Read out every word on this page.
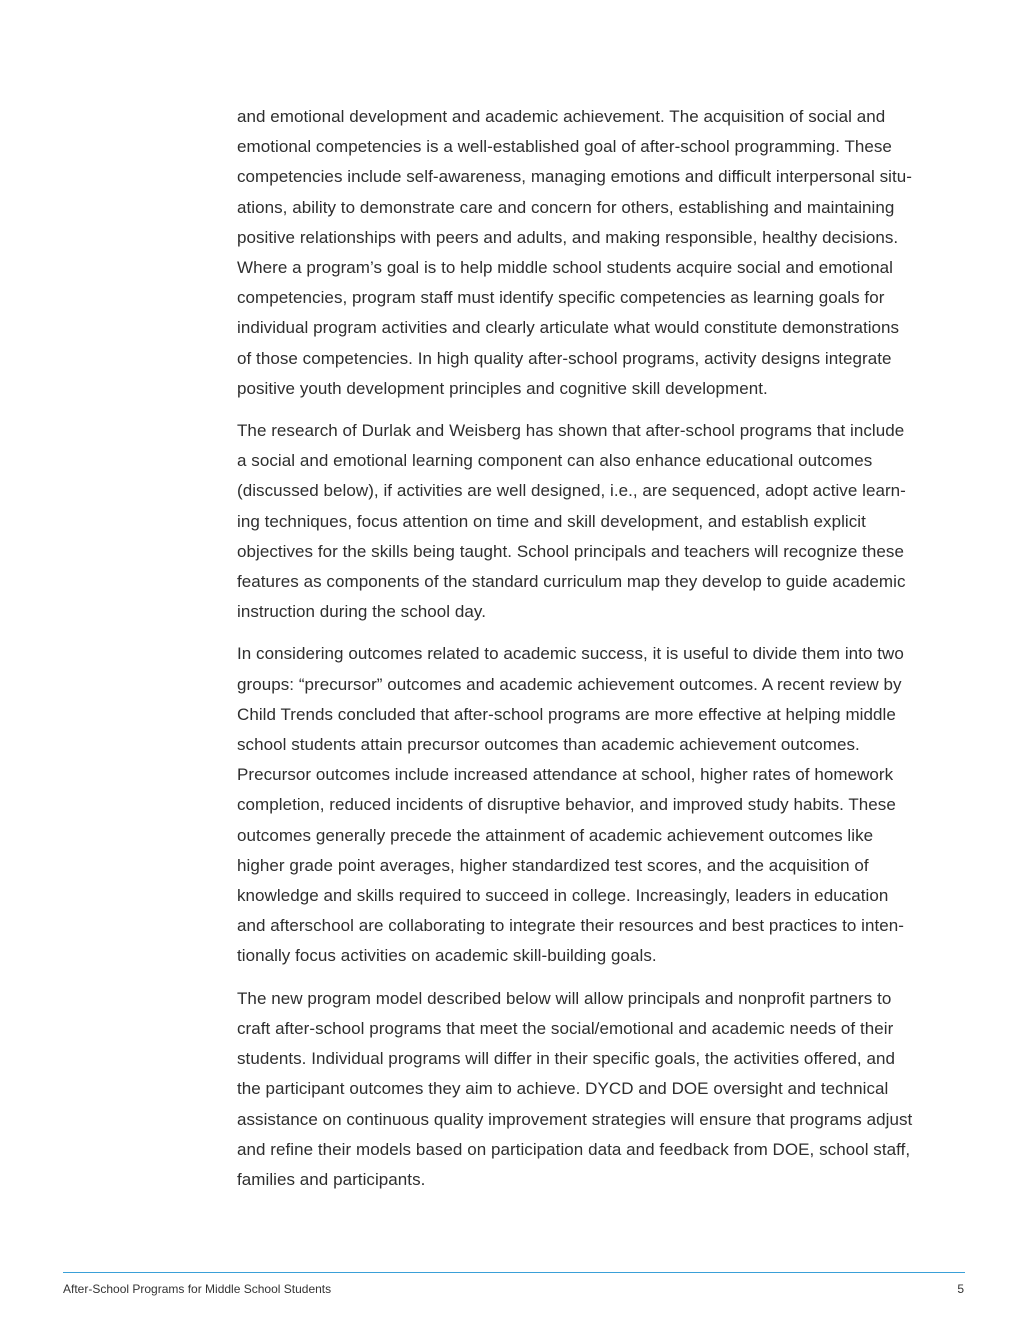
and emotional development and academic achievement. The acquisition of social and
emotional competencies is a well-established goal of after-school programming. These
competencies include self-awareness, managing emotions and difficult interpersonal situ-
ations, ability to demonstrate care and concern for others, establishing and maintaining
positive relationships with peers and adults, and making responsible, healthy decisions.
Where a program’s goal is to help middle school students acquire social and emotional
competencies, program staff must identify specific competencies as learning goals for
individual program activities and clearly articulate what would constitute demonstrations
of those competencies. In high quality after-school programs, activity designs integrate
positive youth development principles and cognitive skill development.

The research of Durlak and Weisberg has shown that after-school programs that include
a social and emotional learning component can also enhance educational outcomes
(discussed below), if activities are well designed, i.e., are sequenced, adopt active learn-
ing techniques, focus attention on time and skill development, and establish explicit
objectives for the skills being taught. School principals and teachers will recognize these
features as components of the standard curriculum map they develop to guide academic
instruction during the school day.

In considering outcomes related to academic success, it is useful to divide them into two
groups: “precursor” outcomes and academic achievement outcomes. A recent review by
Child Trends concluded that after-school programs are more effective at helping middle
school students attain precursor outcomes than academic achievement outcomes.
Precursor outcomes include increased attendance at school, higher rates of homework
completion, reduced incidents of disruptive behavior, and improved study habits. These
outcomes generally precede the attainment of academic achievement outcomes like
higher grade point averages, higher standardized test scores, and the acquisition of
knowledge and skills required to succeed in college. Increasingly, leaders in education
and afterschool are collaborating to integrate their resources and best practices to inten-
tionally focus activities on academic skill-building goals.

The new program model described below will allow principals and nonprofit partners to
craft after-school programs that meet the social/emotional and academic needs of their
students. Individual programs will differ in their specific goals, the activities offered, and
the participant outcomes they aim to achieve. DYCD and DOE oversight and technical
assistance on continuous quality improvement strategies will ensure that programs adjust
and refine their models based on participation data and feedback from DOE, school staff,
families and participants.

After-School Programs for Middle School Students	5
